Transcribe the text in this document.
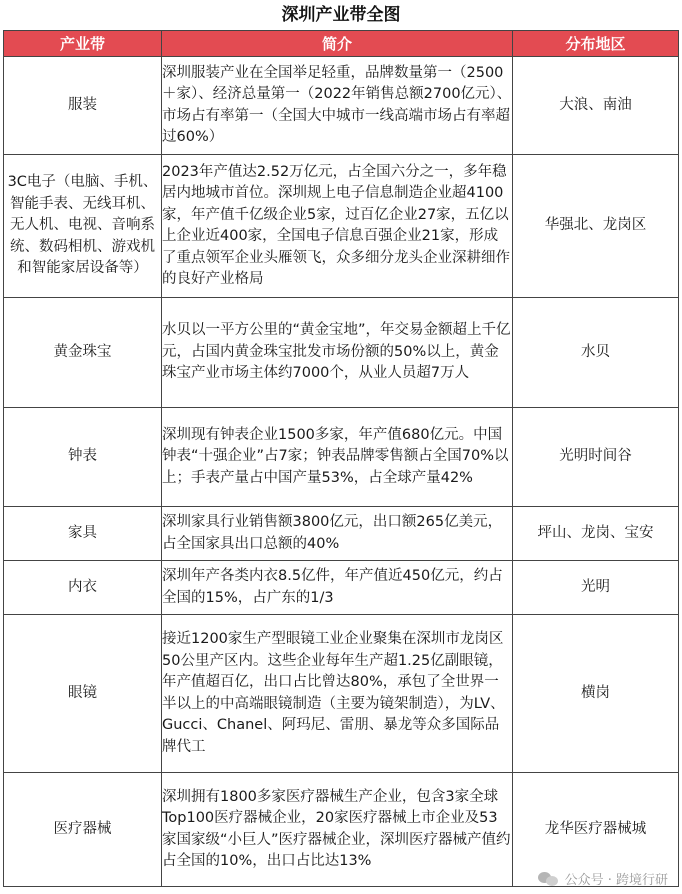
深圳产业带全图
产业带	简介	分布地区
服装	深圳服装产业在全国举足轻重，品牌数量第一（2500＋家）、经济总量第一（2022年销售总额2700亿元）、市场占有率第一（全国大中城市一线高端市场占有率超过60%）	大浪、南油
3C电子（电脑、手机、智能手表、无线耳机、无人机、电视、音响系统、数码相机、游戏机和智能家居设备等）	2023年产值达2.52万亿元，占全国六分之一，多年稳居内地城市首位。深圳规上电子信息制造企业超4100家，年产值千亿级企业5家，过百亿企业27家，五亿以上企业近400家，全国电子信息百强企业21家，形成了重点领军企业头雁领飞，众多细分龙头企业深耕细作的良好产业格局	华强北、龙岗区
黄金珠宝	水贝以一平方公里的“黄金宝地”，年交易金额超上千亿元，占国内黄金珠宝批发市场份额的50%以上，黄金珠宝产业市场主体约7000个，从业人员超7万人	水贝
钟表	深圳现有钟表企业1500多家，年产值680亿元。中国钟表“十强企业”占7家；钟表品牌零售额占全国70%以上；手表产量占中国产量53%，占全球产量42%	光明时间谷
家具	深圳家具行业销售额3800亿元，出口额265亿美元，占全国家具出口总额的40%	坪山、龙岗、宝安
内衣	深圳年产各类内衣8.5亿件，年产值近450亿元，约占全国的15%，占广东的1/3	光明
眼镜	接近1200家生产型眼镜工业企业聚集在深圳市龙岗区50公里产区内。这些企业每年生产超1.25亿副眼镜，年产值超百亿，出口占比曾达80%，承包了全世界一半以上的中高端眼镜制造（主要为镜架制造），为LV、Gucci、Chanel、阿玛尼、雷朋、暴龙等众多国际品牌代工	横岗
医疗器械	深圳拥有1800多家医疗器械生产企业，包含3家全球Top100医疗器械企业，20家医疗器械上市企业及53家国家级“小巨人”医疗器械企业，深圳医疗器械产值约占全国的10%，出口占比达13%	龙华医疗器械城
公众号 · 跨境行研
